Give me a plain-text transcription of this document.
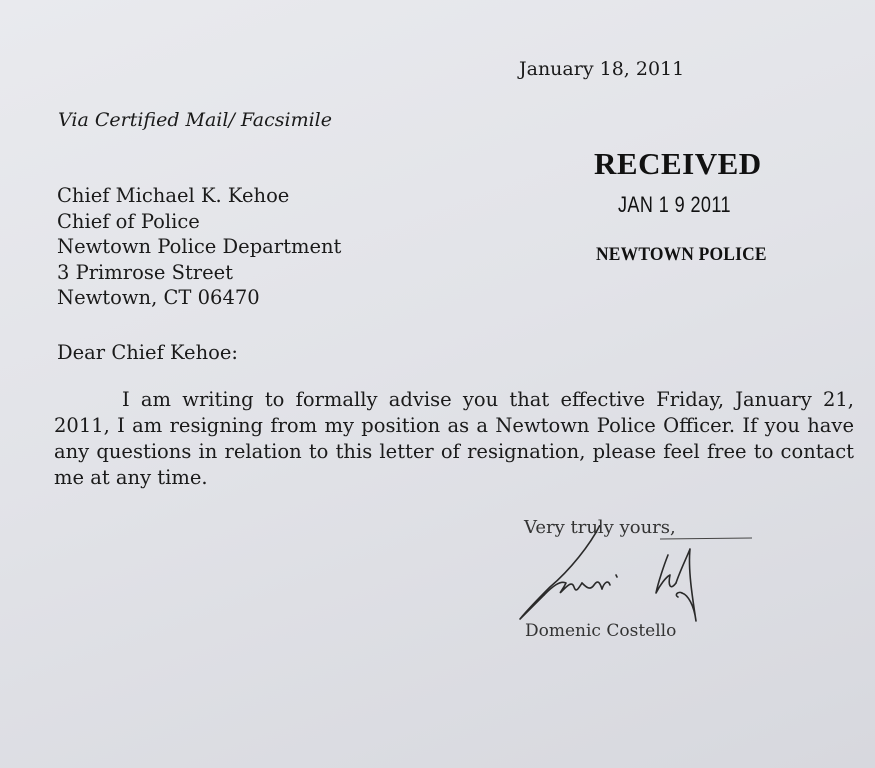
January 18, 2011
Via Certified Mail/ Facsimile
Chief Michael K. Kehoe
Chief of Police
Newtown Police Department
3 Primrose Street
Newtown, CT 06470
RECEIVED
JAN 1 9 2011
NEWTOWN POLICE
Dear Chief Kehoe:
I am writing to formally advise you that effective Friday, January 21, 2011, I am resigning from my position as a Newtown Police Officer. If you have any questions in relation to this letter of resignation, please feel free to contact me at any time.
Very truly yours,
Domenic Costello
